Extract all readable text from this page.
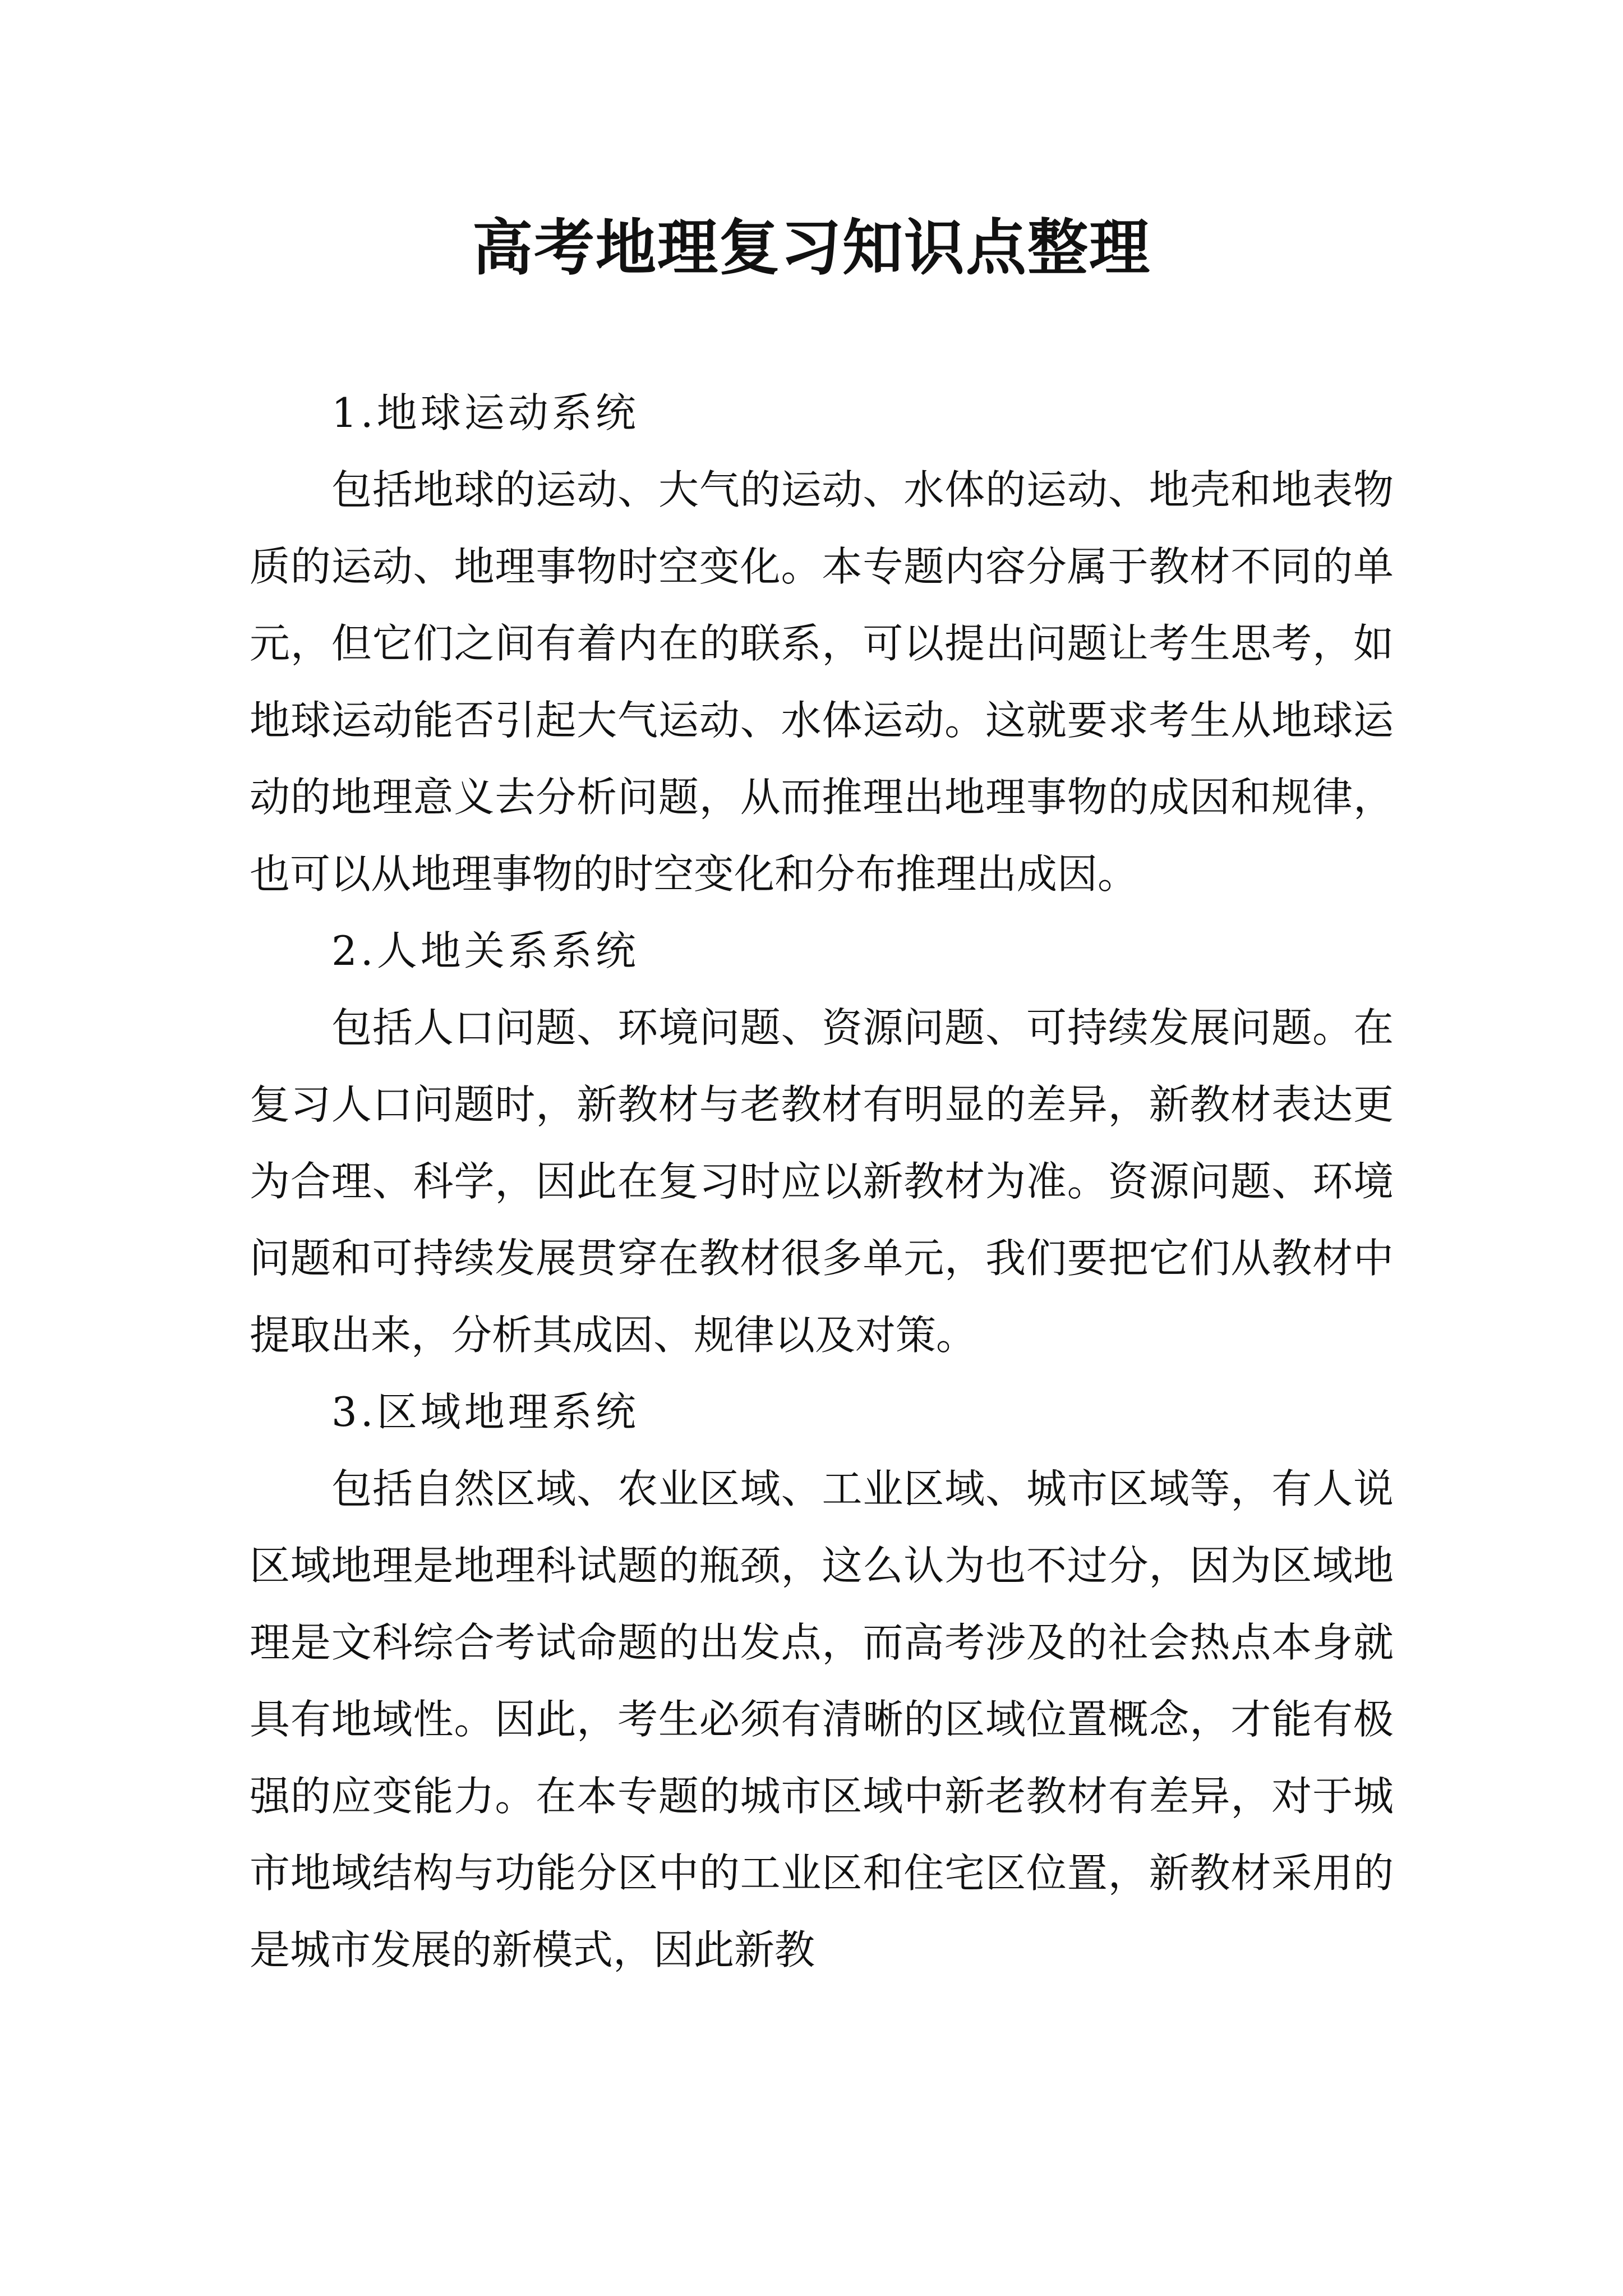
高考地理复习知识点整理

1.地球运动系统

包括地球的运动、大气的运动、水体的运动、地壳和地表物质的运动、地理事物时空变化。本专题内容分属于教材不同的单元，但它们之间有着内在的联系，可以提出问题让考生思考，如地球运动能否引起大气运动、水体运动。这就要求考生从地球运动的地理意义去分析问题，从而推理出地理事物的成因和规律，也可以从地理事物的时空变化和分布推理出成因。

2.人地关系系统

包括人口问题、环境问题、资源问题、可持续发展问题。在复习人口问题时，新教材与老教材有明显的差异，新教材表达更为合理、科学，因此在复习时应以新教材为准。资源问题、环境问题和可持续发展贯穿在教材很多单元，我们要把它们从教材中提取出来，分析其成因、规律以及对策。

3.区域地理系统

包括自然区域、农业区域、工业区域、城市区域等，有人说区域地理是地理科试题的瓶颈，这么认为也不过分，因为区域地理是文科综合考试命题的出发点，而高考涉及的社会热点本身就具有地域性。因此，考生必须有清晰的区域位置概念，才能有极强的应变能力。在本专题的城市区域中新老教材有差异，对于城市地域结构与功能分区中的工业区和住宅区位置，新教材采用的是城市发展的新模式，因此新教
